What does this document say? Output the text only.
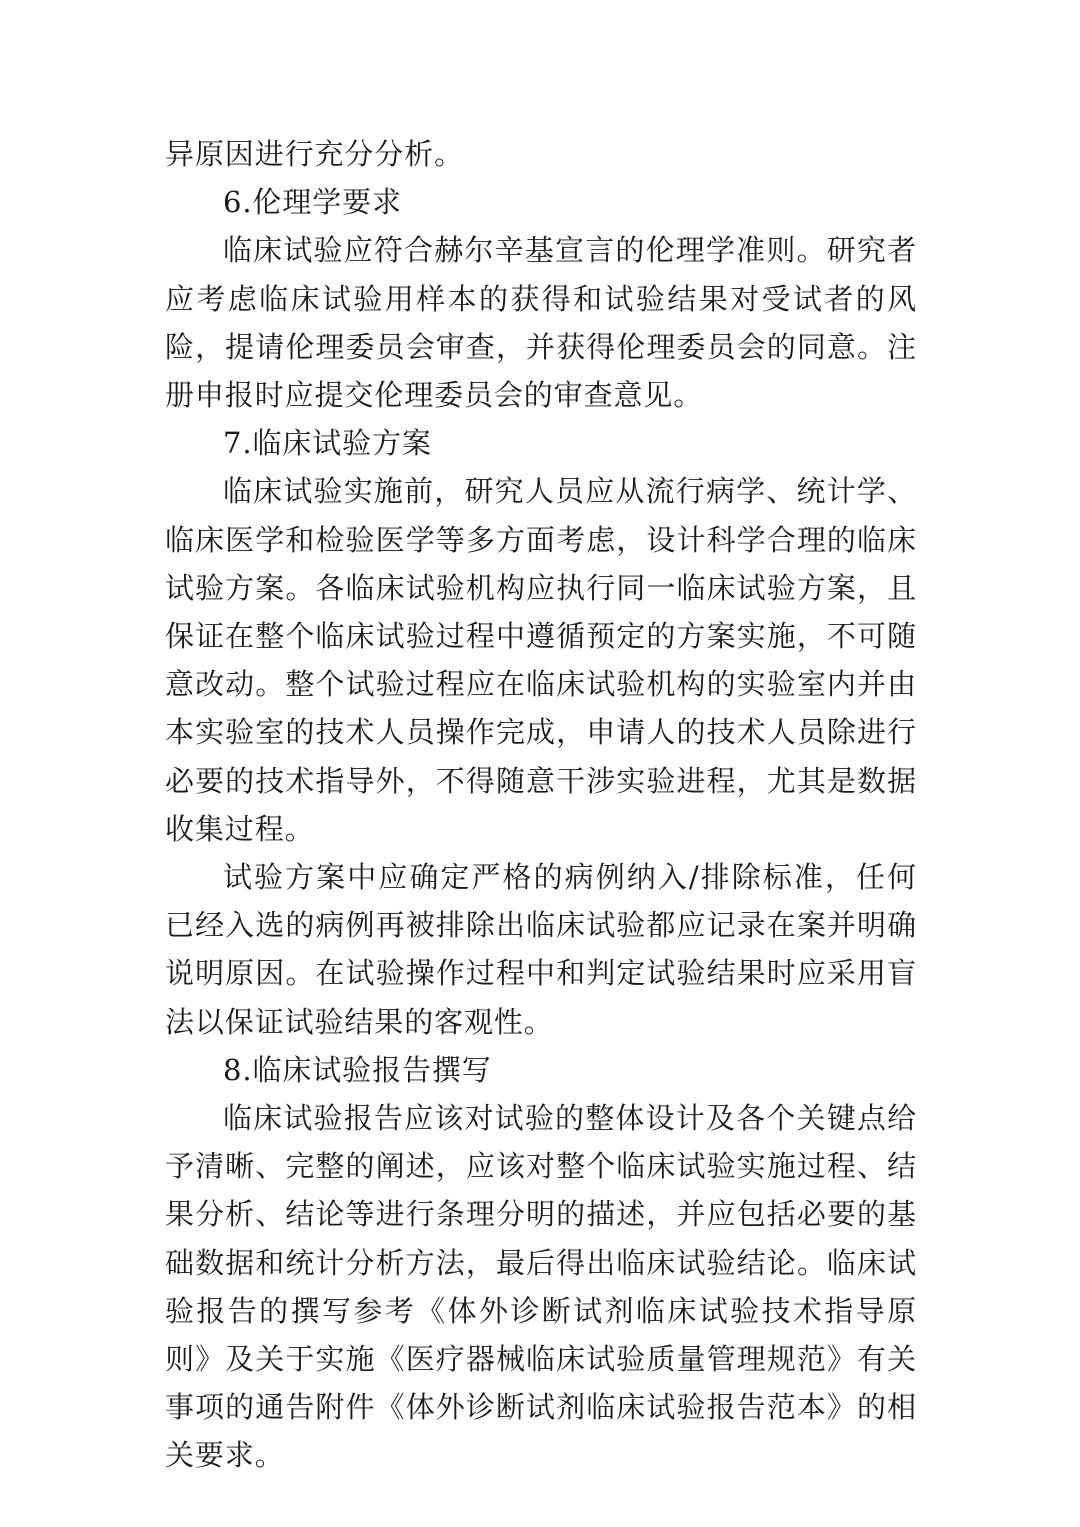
异原因进行充分分析。

6.伦理学要求

临床试验应符合赫尔辛基宣言的伦理学准则。研究者应考虑临床试验用样本的获得和试验结果对受试者的风险，提请伦理委员会审查，并获得伦理委员会的同意。注册申报时应提交伦理委员会的审查意见。

7.临床试验方案

临床试验实施前，研究人员应从流行病学、统计学、临床医学和检验医学等多方面考虑，设计科学合理的临床试验方案。各临床试验机构应执行同一临床试验方案，且保证在整个临床试验过程中遵循预定的方案实施，不可随意改动。整个试验过程应在临床试验机构的实验室内并由本实验室的技术人员操作完成，申请人的技术人员除进行必要的技术指导外，不得随意干涉实验进程，尤其是数据收集过程。

试验方案中应确定严格的病例纳入/排除标准，任何已经入选的病例再被排除出临床试验都应记录在案并明确说明原因。在试验操作过程中和判定试验结果时应采用盲法以保证试验结果的客观性。

8.临床试验报告撰写

临床试验报告应该对试验的整体设计及各个关键点给予清晰、完整的阐述，应该对整个临床试验实施过程、结果分析、结论等进行条理分明的描述，并应包括必要的基础数据和统计分析方法，最后得出临床试验结论。临床试验报告的撰写参考《体外诊断试剂临床试验技术指导原则》及关于实施《医疗器械临床试验质量管理规范》有关事项的通告附件《体外诊断试剂临床试验报告范本》的相关要求。
